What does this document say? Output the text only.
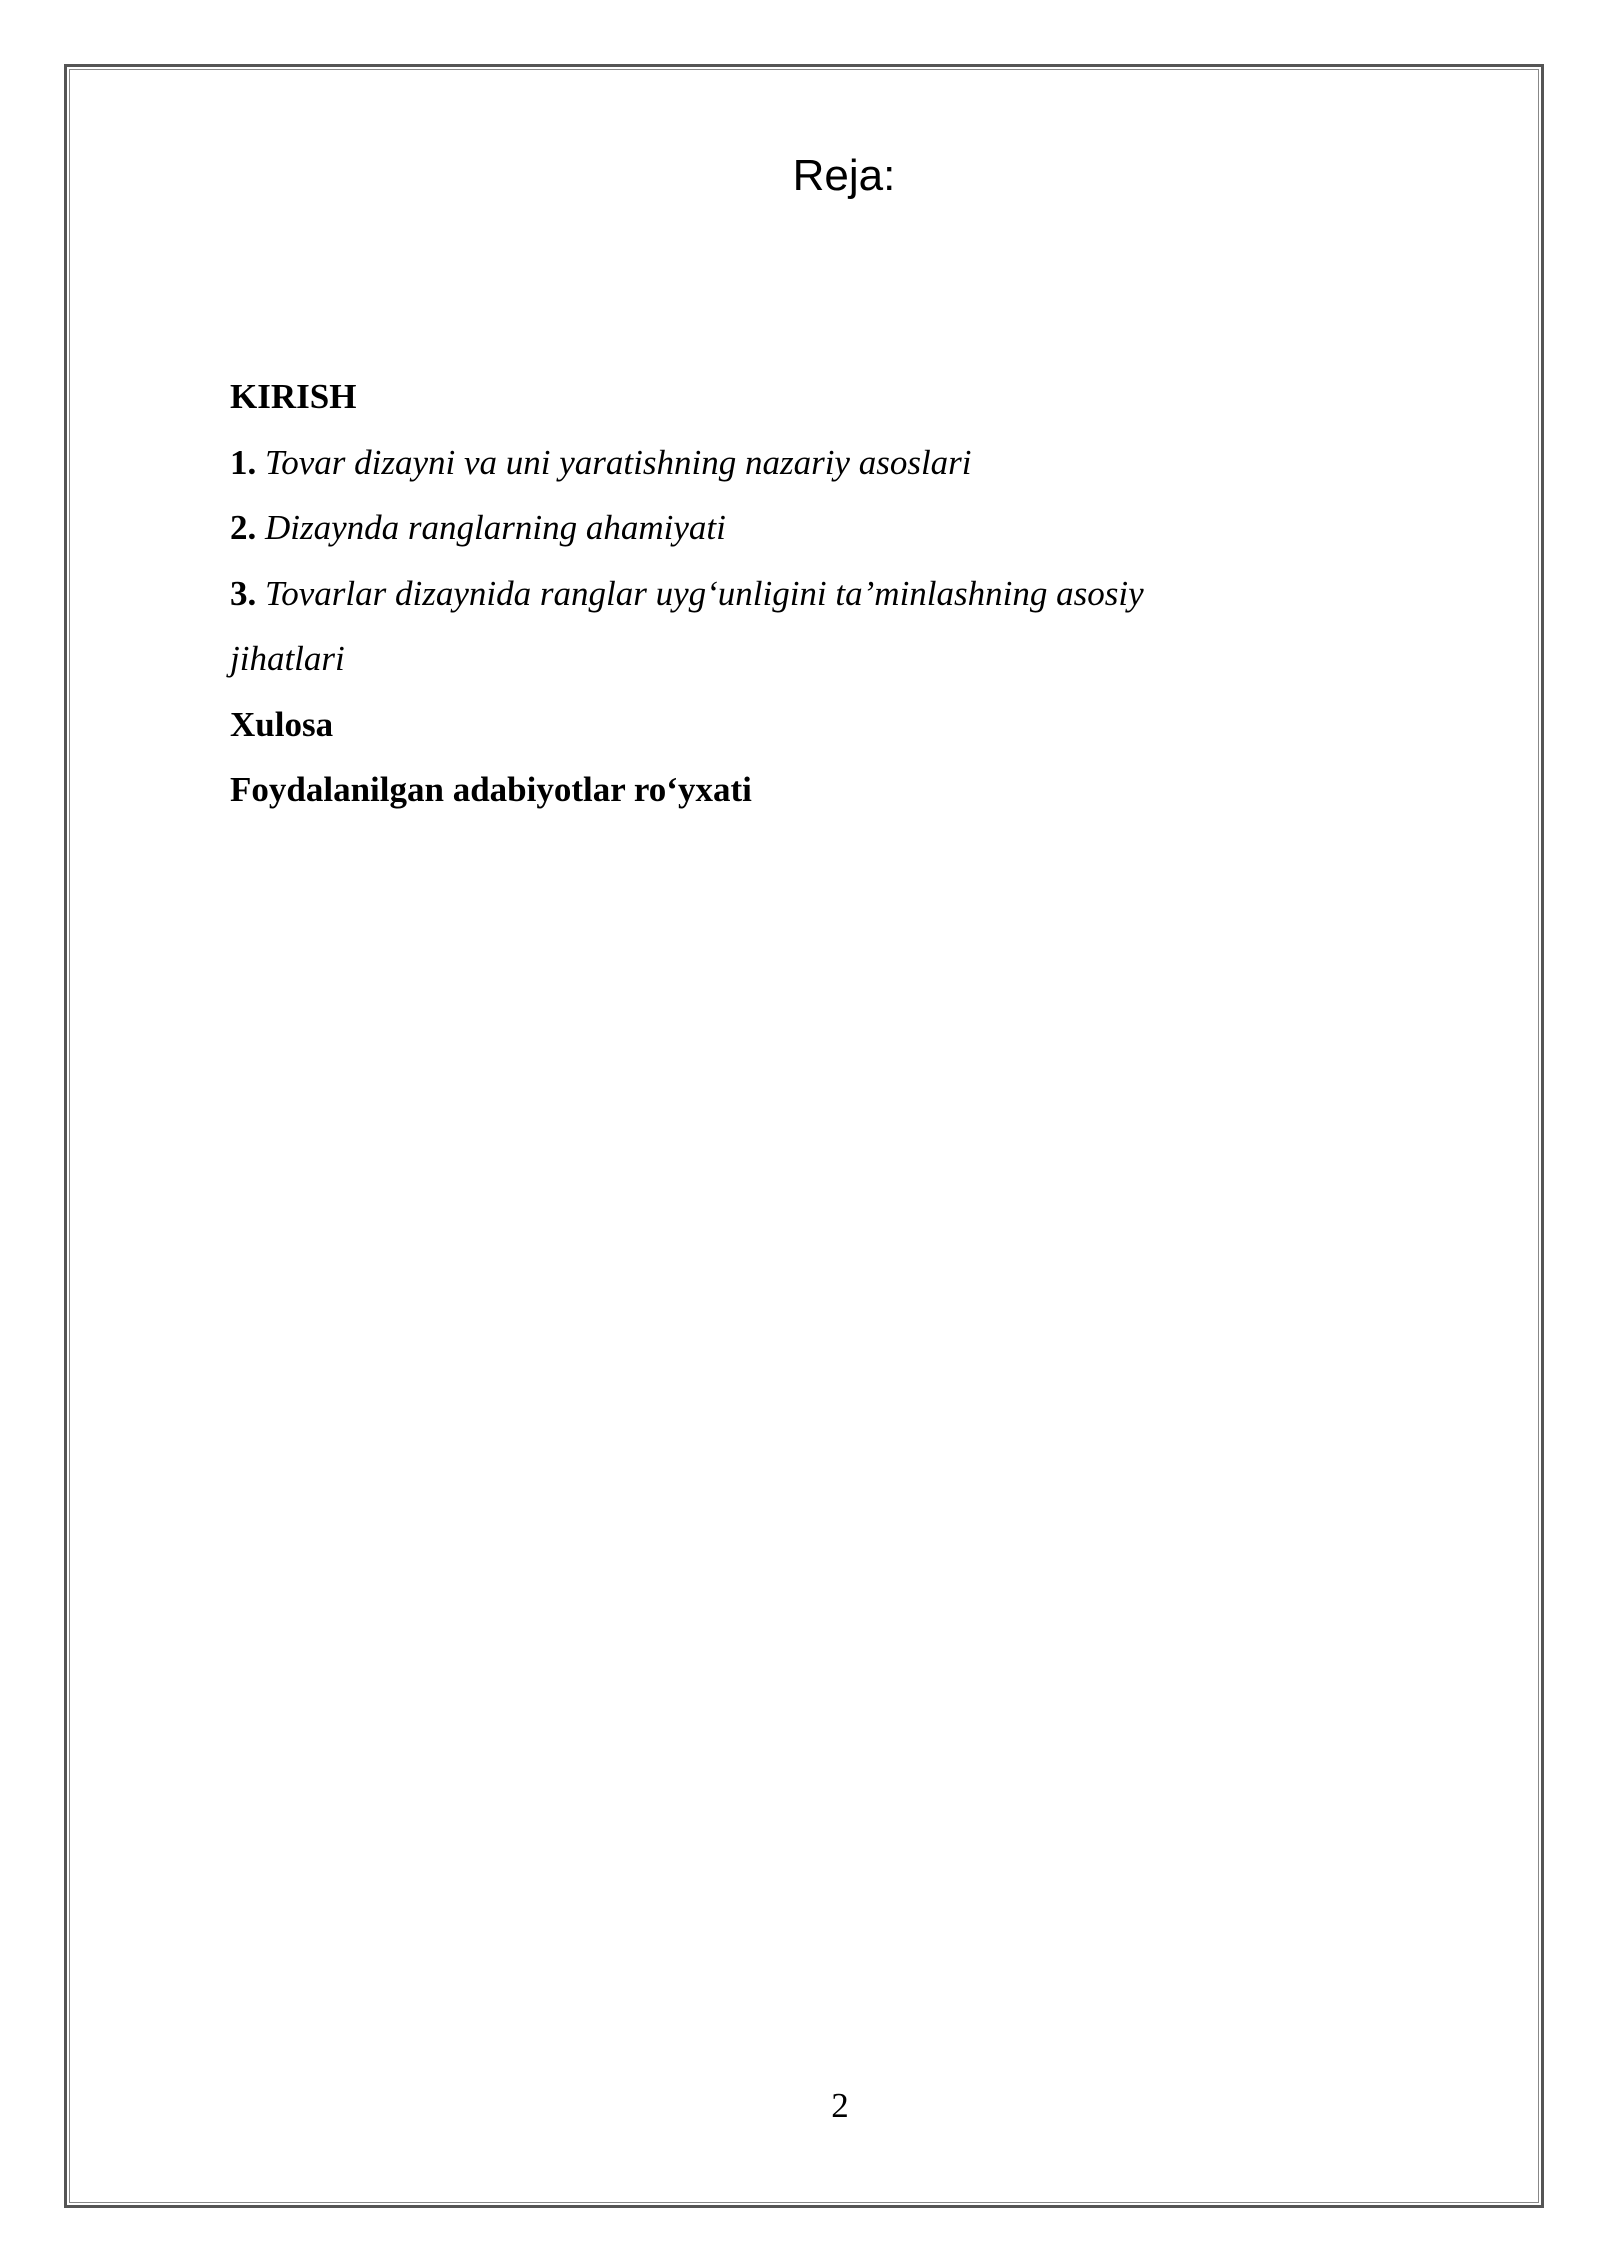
Reja:
KIRISH
1. Tovar dizayni va uni yaratishning nazariy asoslari
2. Dizaynda ranglarning ahamiyati
3. Tovarlar dizaynida ranglar uyg‘unligini ta’minlashning asosiy
jihatlari
Xulosa
Foydalanilgan adabiyotlar ro‘yxati
2
